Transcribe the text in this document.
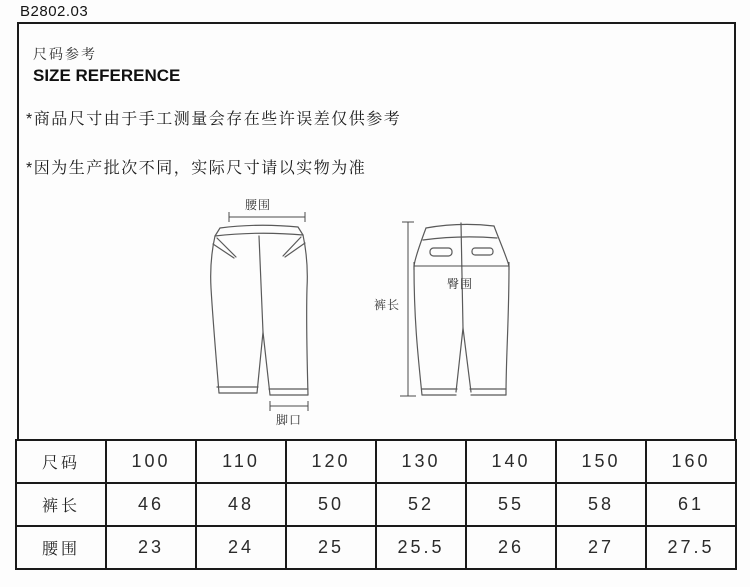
B2802.03
尺码参考
SIZE REFERENCE
*商品尺寸由于手工测量会存在些许误差仅供参考
*因为生产批次不同，实际尺寸请以实物为准
腰围
脚口
裤长
臀围
尺码	100	110	120	130	140	150	160
裤长	46	48	50	52	55	58	61
腰围	23	24	25	25.5	26	27	27.5
